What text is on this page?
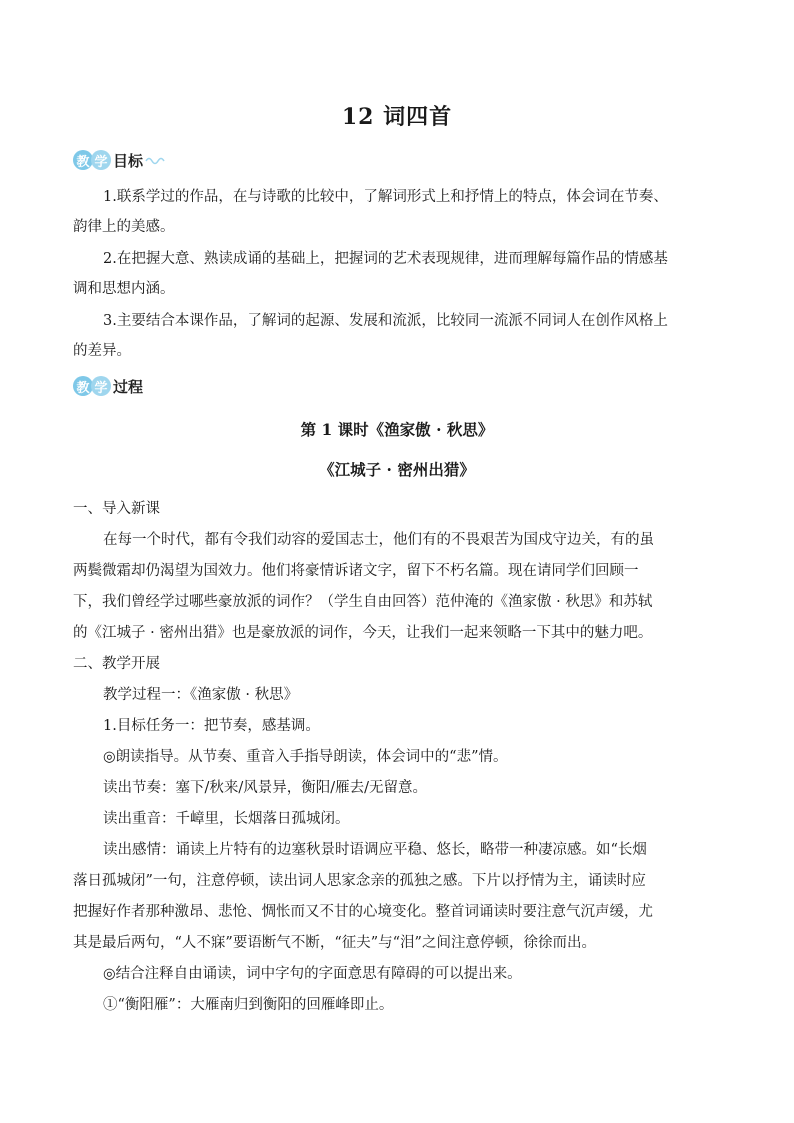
12 词四首
教 学 目标
1.联系学过的作品，在与诗歌的比较中，了解词形式上和抒情上的特点，体会词在节奏、
韵律上的美感。
2.在把握大意、熟读成诵的基础上，把握词的艺术表现规律，进而理解每篇作品的情感基
调和思想内涵。
3.主要结合本课作品，了解词的起源、发展和流派，比较同一流派不同词人在创作风格上
的差异。
教 学 过程
第 1 课时《渔家傲 · 秋思》
《江城子 · 密州出猎》
一、导入新课
在每一个时代，都有令我们动容的爱国志士，他们有的不畏艰苦为国戍守边关，有的虽
两鬓微霜却仍渴望为国效力。他们将豪情诉诸文字，留下不朽名篇。现在请同学们回顾一
下，我们曾经学过哪些豪放派的词作？（学生自由回答）范仲淹的《渔家傲 · 秋思》和苏轼
的《江城子 · 密州出猎》也是豪放派的词作，今天，让我们一起来领略一下其中的魅力吧。
二、教学开展
教学过程一：《渔家傲 · 秋思》
1.目标任务一：把节奏，感基调。
◎朗读指导。从节奏、重音入手指导朗读，体会词中的“悲”情。
读出节奏：塞下/秋来/风景异，衡阳/雁去/无留意。
读出重音：千嶂里，长烟落日孤城闭。
读出感情：诵读上片特有的边塞秋景时语调应平稳、悠长，略带一种凄凉感。如“长烟
落日孤城闭”一句，注意停顿，读出词人思家念亲的孤独之感。下片以抒情为主，诵读时应
把握好作者那种激昂、悲怆、惆怅而又不甘的心境变化。整首词诵读时要注意气沉声缓，尤
其是最后两句，“人不寐”要语断气不断，“征夫”与“泪”之间注意停顿，徐徐而出。
◎结合注释自由诵读，词中字句的字面意思有障碍的可以提出来。
①“衡阳雁”：大雁南归到衡阳的回雁峰即止。
